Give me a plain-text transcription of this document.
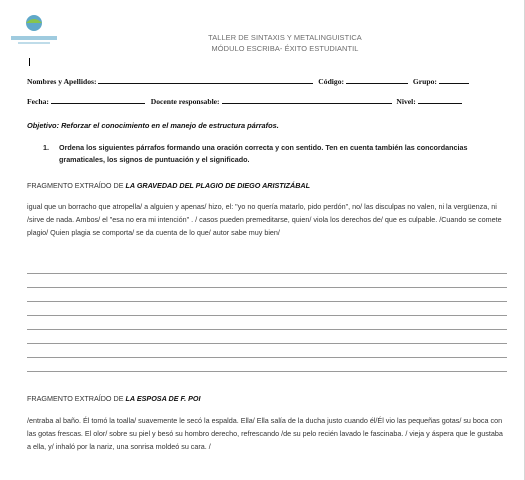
TALLER DE SINTAXIS Y METALINGUISTICA
MÓDULO ESCRIBA- ÉXITO ESTUDIANTIL
Nombres y Apellidos:	Código:	Grupo:
Fecha:	Docente responsable:	Nivel:
Objetivo: Reforzar el conocimiento en el manejo de estructura párrafos.
1. Ordena los siguientes párrafos formando una oración correcta y con sentido. Ten en cuenta también las concordancias gramaticales, los signos de puntuación y el significado.
FRAGMENTO EXTRAÍDO DE LA GRAVEDAD DEL PLAGIO DE DIEGO ARISTIZÁBAL
igual que un borracho que atropella/ a alguien y apenas/ hizo, el: "yo no quería matarlo, pido perdón", no/ las disculpas no valen, ni la vergüenza, ni /sirve de nada. Ambos/ el "esa no era mi intención" . / casos pueden premeditarse, quien/ viola los derechos de/ que es culpable. /Cuando se comete plagio/ Quien plagia se comporta/ se da cuenta de lo que/ autor sabe muy bien/
FRAGMENTO EXTRAÍDO DE LA ESPOSA DE F. POI
/entraba al baño. Él tomó la toalla/ suavemente le secó la espalda. Ella/ Ella salía de la ducha justo cuando él/Él vio las pequeñas gotas/ su boca con las gotas frescas. El olor/ sobre su piel y besó su hombro derecho, refrescando /de su pelo recién lavado le fascinaba. / vieja y áspera que le gustaba a ella, y/ inhaló por la nariz, una sonrisa moldeó su cara. /
